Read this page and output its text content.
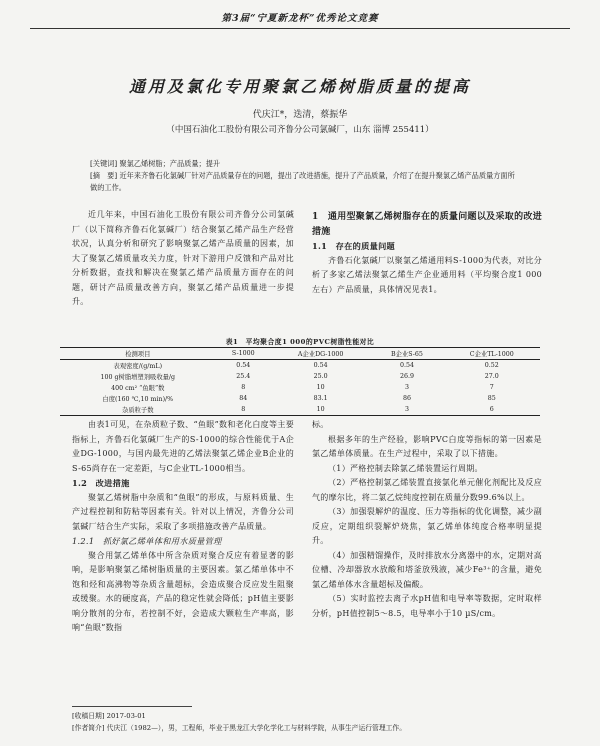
第3届“宁夏新龙杯”优秀论文竞赛
通用及氯化专用聚氯乙烯树脂质量的提高
代庆江*，迭清，蔡振华
（中国石油化工股份有限公司齐鲁分公司氯碱厂，山东 淄博 255411）
[关键词] 聚氯乙烯树脂；产品质量；提升
[摘　要] 近年来齐鲁石化氯碱厂针对产品质量存在的问题，提出了改进措施，提升了产品质量，介绍了在提升聚氯乙烯产品质量方面所做的工作。

近几年来，中国石油化工股份有限公司齐鲁分公司氯碱厂（以下简称齐鲁石化氯碱厂）结合聚氯乙烯产品生产经营状况，认真分析和研究了影响聚氯乙烯产品质量的因素，加大了聚氯乙烯质量攻关力度，针对下游用户反馈和产品对比分析数据，查找和解决在聚氯乙烯产品质量方面存在的问题，研讨产品质量改善方向，聚氯乙烯产品质量进一步提升。

1　通用型聚氯乙烯树脂存在的质量问题以及采取的改进措施

1.1　存在的质量问题

齐鲁石化氯碱厂以聚氯乙烯通用料S-1000为代表，对比分析了多家乙烯法聚氯乙烯生产企业通用料（平均聚合度1 000左右）产品质量，具体情况见表1。

表1　平均聚合度1 000的PVC树脂性能对比
检测项目	S-1000	A企业DG-1000	B企业S-65	C企业TL-1000
表观密度/(g/mL)	0.54	0.54	0.54	0.52
100 g树脂增塑剂吸收量/g	25.4	25.0	26.9	27.0
400 cm² “鱼眼”数	8	10	3	7
白度(160 ℃,10 min)/%	84	83.1	86	85
杂质粒子数	8	10	3	6

由表1可见，在杂质粒子数、“鱼眼”数和老化白度等主要指标上，齐鲁石化氯碱厂生产的S-1000的综合性能优于A企业DG-1000，与国内最先进的乙烯法聚氯乙烯企业B企业的S-65尚存在一定差距，与C企业TL-1000相当。

1.2　改进措施

聚氯乙烯树脂中杂质和“鱼眼”的形成，与原料质量、生产过程控制和防粘等因素有关。针对以上情况，齐鲁分公司氯碱厂结合生产实际，采取了多项措施改善产品质量。

1.2.1　抓好氯乙烯单体和用水质量管理

聚合用氯乙烯单体中所含杂质对聚合反应有着显著的影响，是影响聚氯乙烯树脂质量的主要因素。氯乙烯单体中不饱和烃和高沸物等杂质含量超标，会造成聚合反应发生阻聚或缓聚。水的硬度高，产品的稳定性就会降低；pH值主要影响分散剂的分布，若控制不好，会造成大颗粒生产率高，影响“鱼眼”数指

标。

根据多年的生产经验，影响PVC白度等指标的第一因素是氯乙烯单体质量。在生产过程中，采取了以下措施。

（1）严格控制去除氯乙烯装置运行周期。

（2）严格控制氯乙烯装置直接氯化单元催化剂配比及反应气的摩尔比，将二氯乙烷纯度控制在质量分数99.6%以上。

（3）加强裂解炉的温度、压力等指标的优化调整，减少副反应，定期组织裂解炉烧焦，氯乙烯单体纯度合格率明显提升。

（4）加强精馏操作，及时排放水分离器中的水，定期对高位槽、冷却器放水放酸和塔釜放残液，减少Fe³⁺的含量，避免氯乙烯单体水含量超标及偏酸。

（5）实时监控去离子水pH值和电导率等数据，定时取样分析，pH值控制5～8.5，电导率小于10 µS/cm。

[收稿日期] 2017-03-01
[作者简介] 代庆江（1982—），男，工程师，毕业于黑龙江大学化学化工与材料学院，从事生产运行管理工作。
